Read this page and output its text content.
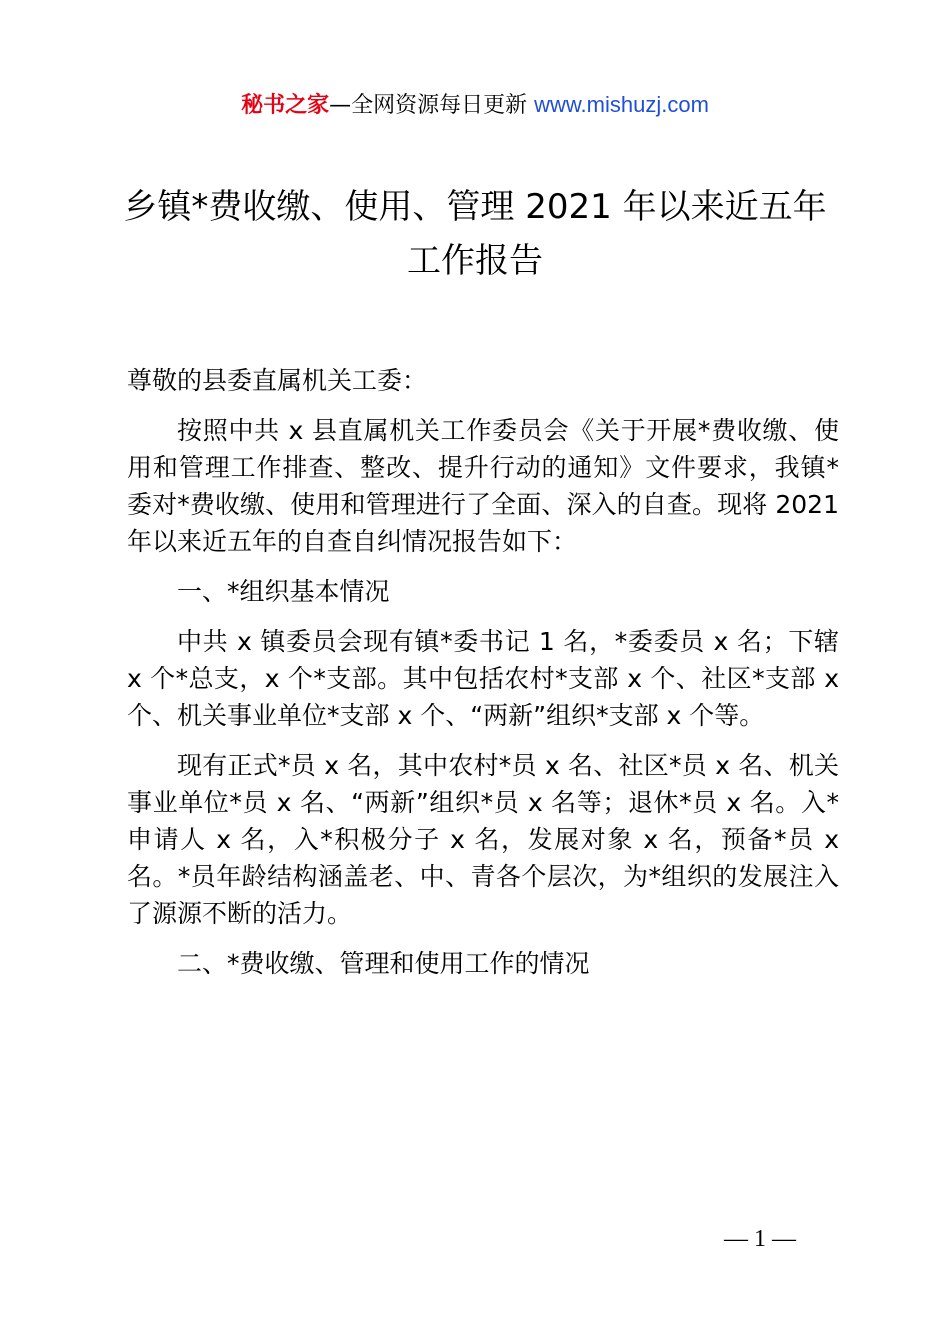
秘书之家—全网资源每日更新 www.mishuzj.com
乡镇*费收缴、使用、管理 2021 年以来近五年
工作报告

尊敬的县委直属机关工委：

按照中共 x 县直属机关工作委员会《关于开展*费收缴、使用和管理工作排查、整改、提升行动的通知》文件要求，我镇*委对*费收缴、使用和管理进行了全面、深入的自查。现将 2021 年以来近五年的自查自纠情况报告如下：

一、*组织基本情况

中共 x 镇委员会现有镇*委书记 1 名，*委委员 x 名；下辖 x 个*总支，x 个*支部。其中包括农村*支部 x 个、社区*支部 x 个、机关事业单位*支部 x 个、“两新”组织*支部 x 个等。

现有正式*员 x 名，其中农村*员 x 名、社区*员 x 名、机关事业单位*员 x 名、“两新”组织*员 x 名等；退休*员 x 名。入*申请人 x 名，入*积极分子 x 名，发展对象 x 名，预备*员 x 名。*员年龄结构涵盖老、中、青各个层次，为*组织的发展注入了源源不断的活力。

二、*费收缴、管理和使用工作的情况

— 1 —
